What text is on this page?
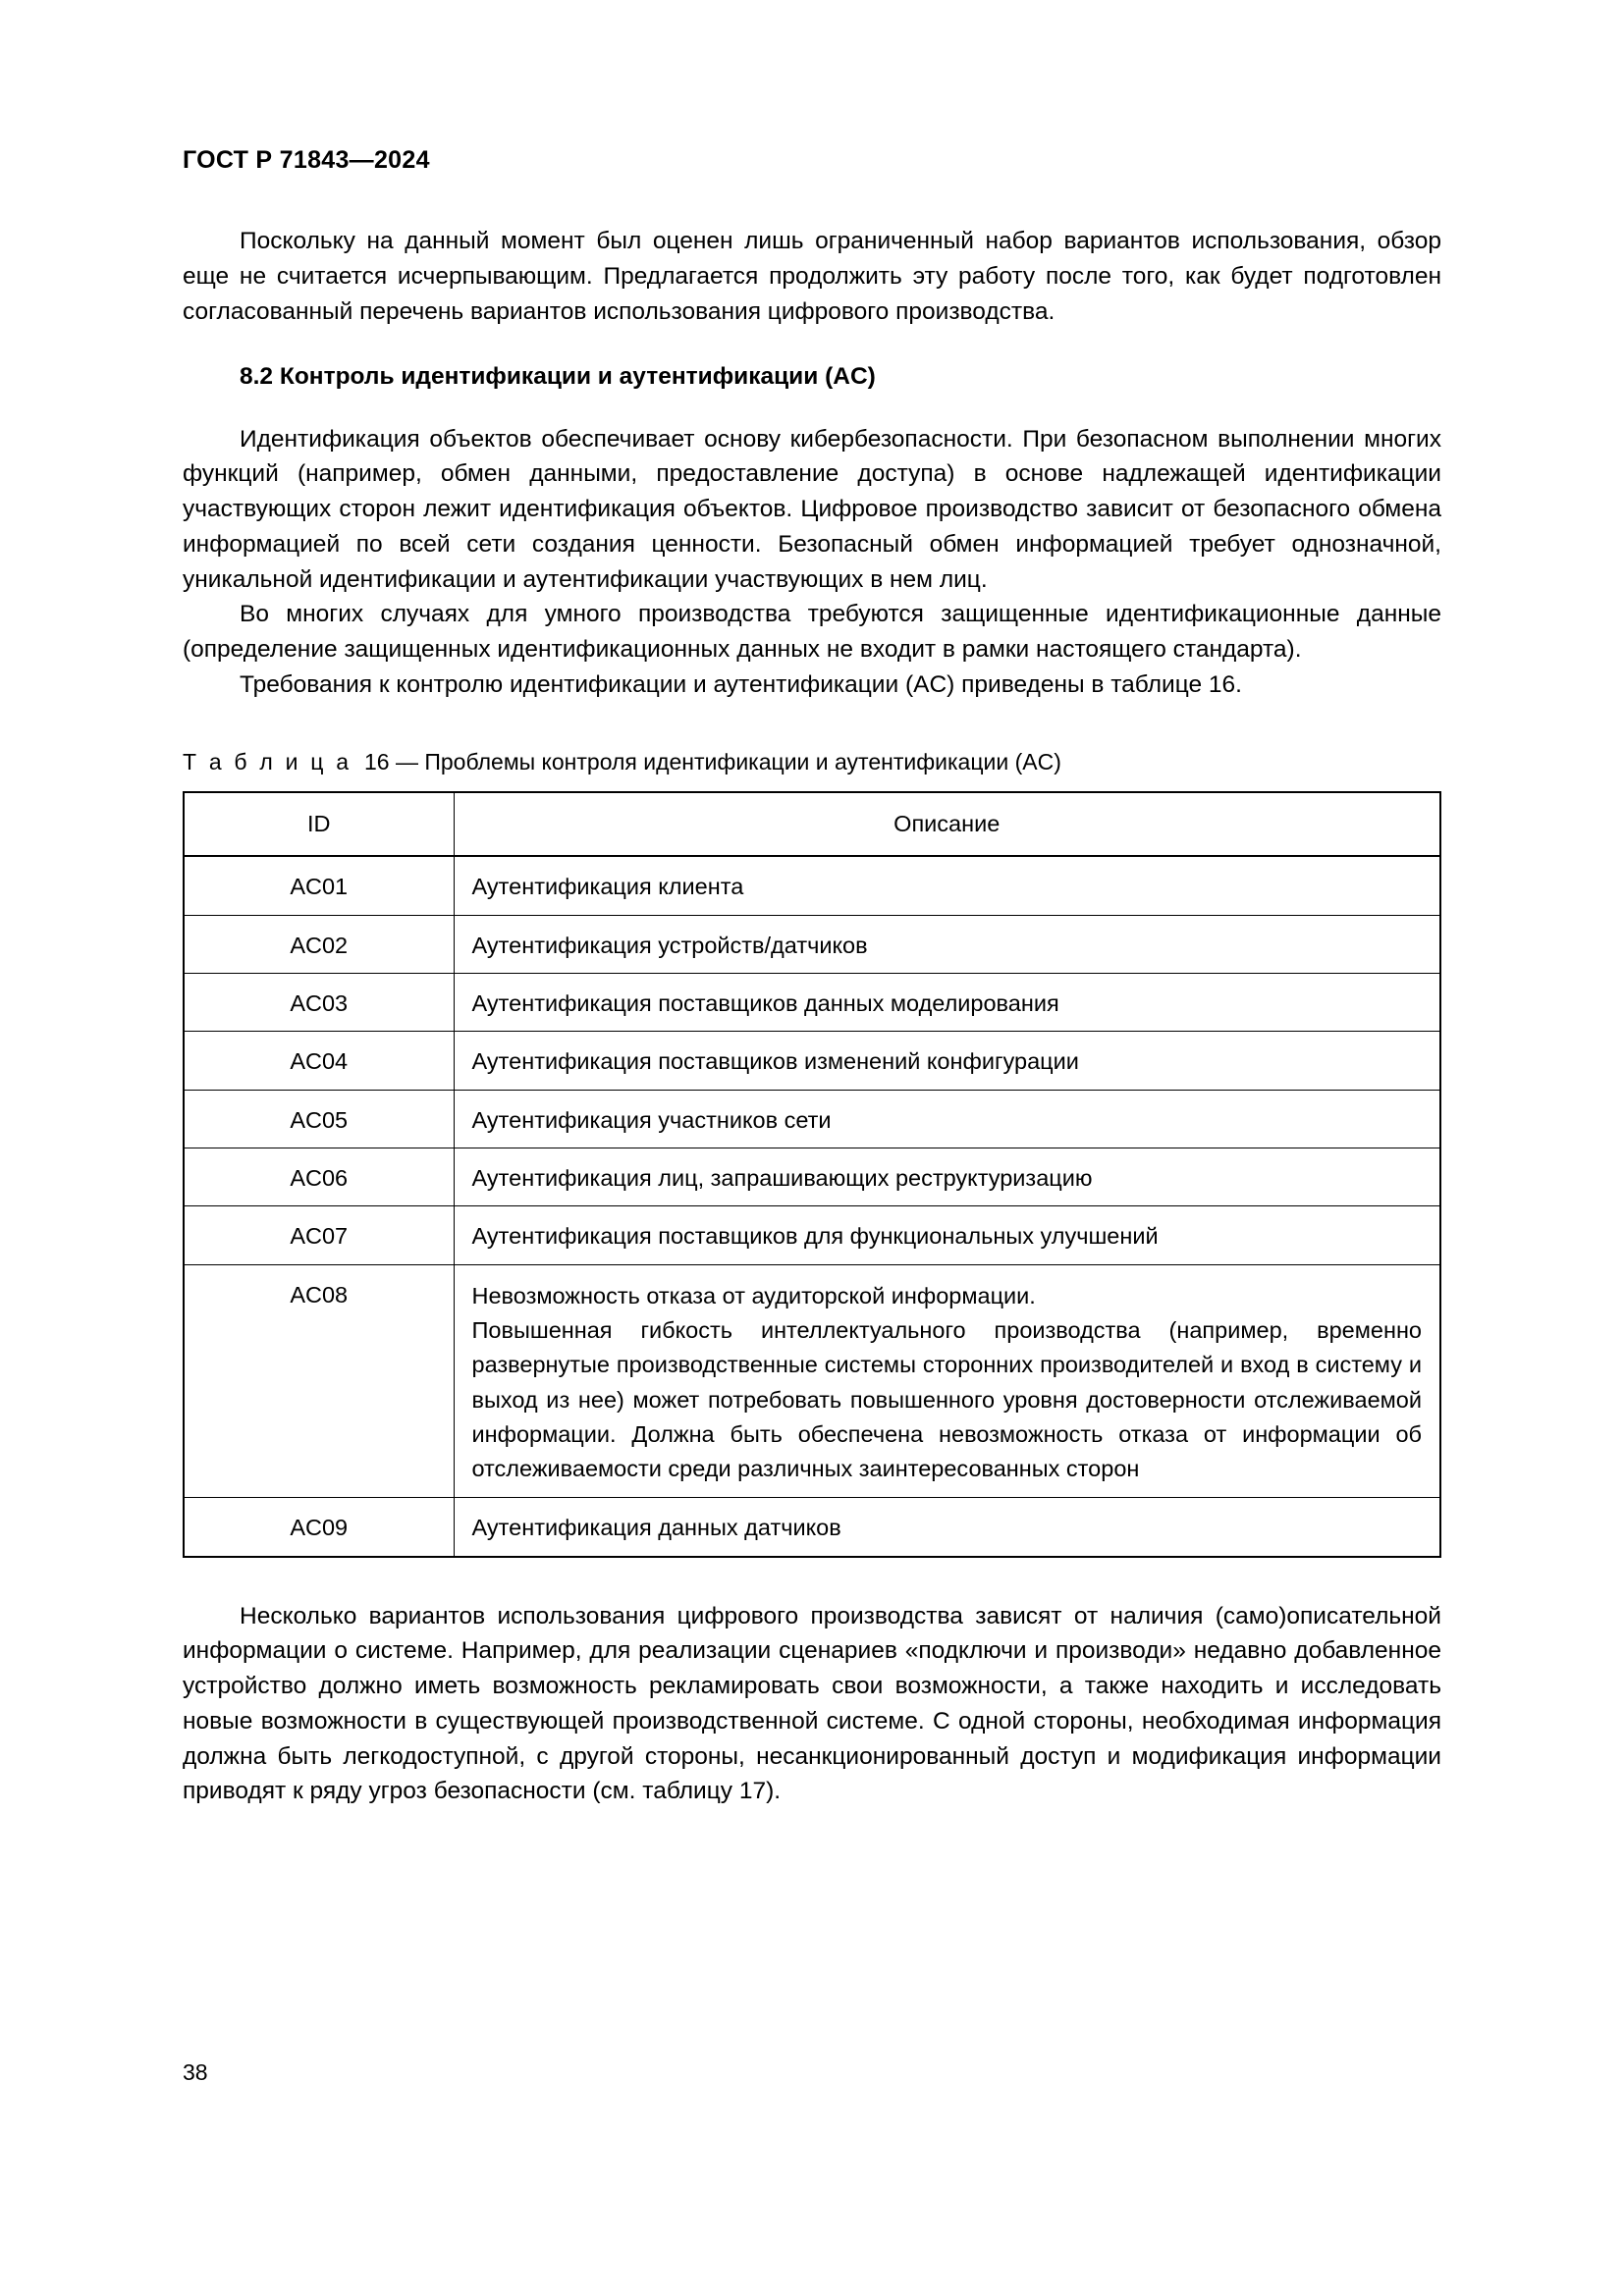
ГОСТ Р 71843—2024

Поскольку на данный момент был оценен лишь ограниченный набор вариантов использования, обзор еще не считается исчерпывающим. Предлагается продолжить эту работу после того, как будет подготовлен согласованный перечень вариантов использования цифрового производства.

8.2 Контроль идентификации и аутентификации (AC)

Идентификация объектов обеспечивает основу кибербезопасности. При безопасном выполнении многих функций (например, обмен данными, предоставление доступа) в основе надлежащей идентификации участвующих сторон лежит идентификация объектов. Цифровое производство зависит от безопасного обмена информацией по всей сети создания ценности. Безопасный обмен информацией требует однозначной, уникальной идентификации и аутентификации участвующих в нем лиц.

Во многих случаях для умного производства требуются защищенные идентификационные данные (определение защищенных идентификационных данных не входит в рамки настоящего стандарта).

Требования к контролю идентификации и аутентификации (AC) приведены в таблице 16.

Т а б л и ц а 16 — Проблемы контроля идентификации и аутентификации (AC)
ID	Описание
AC01	Аутентификация клиента
AC02	Аутентификация устройств/датчиков
AC03	Аутентификация поставщиков данных моделирования
AC04	Аутентификация поставщиков изменений конфигурации
AC05	Аутентификация участников сети
AC06	Аутентификация лиц, запрашивающих реструктуризацию
AC07	Аутентификация поставщиков для функциональных улучшений
AC08	Невозможность отказа от аудиторской информации.
Повышенная гибкость интеллектуального производства (например, временно развернутые производственные системы сторонних производителей и вход в систему и выход из нее) может потребовать повышенного уровня достоверности отслеживаемой информации. Должна быть обеспечена невозможность отказа от информации об отслеживаемости среди различных заинтересованных сторон

AC09	Аутентификация данных датчиков

Несколько вариантов использования цифрового производства зависят от наличия (само)описательной информации о системе. Например, для реализации сценариев «подключи и производи» недавно добавленное устройство должно иметь возможность рекламировать свои возможности, а также находить и исследовать новые возможности в существующей производственной системе. С одной стороны, необходимая информация должна быть легкодоступной, с другой стороны, несанкционированный доступ и модификация информации приводят к ряду угроз безопасности (см. таблицу 17).

38
